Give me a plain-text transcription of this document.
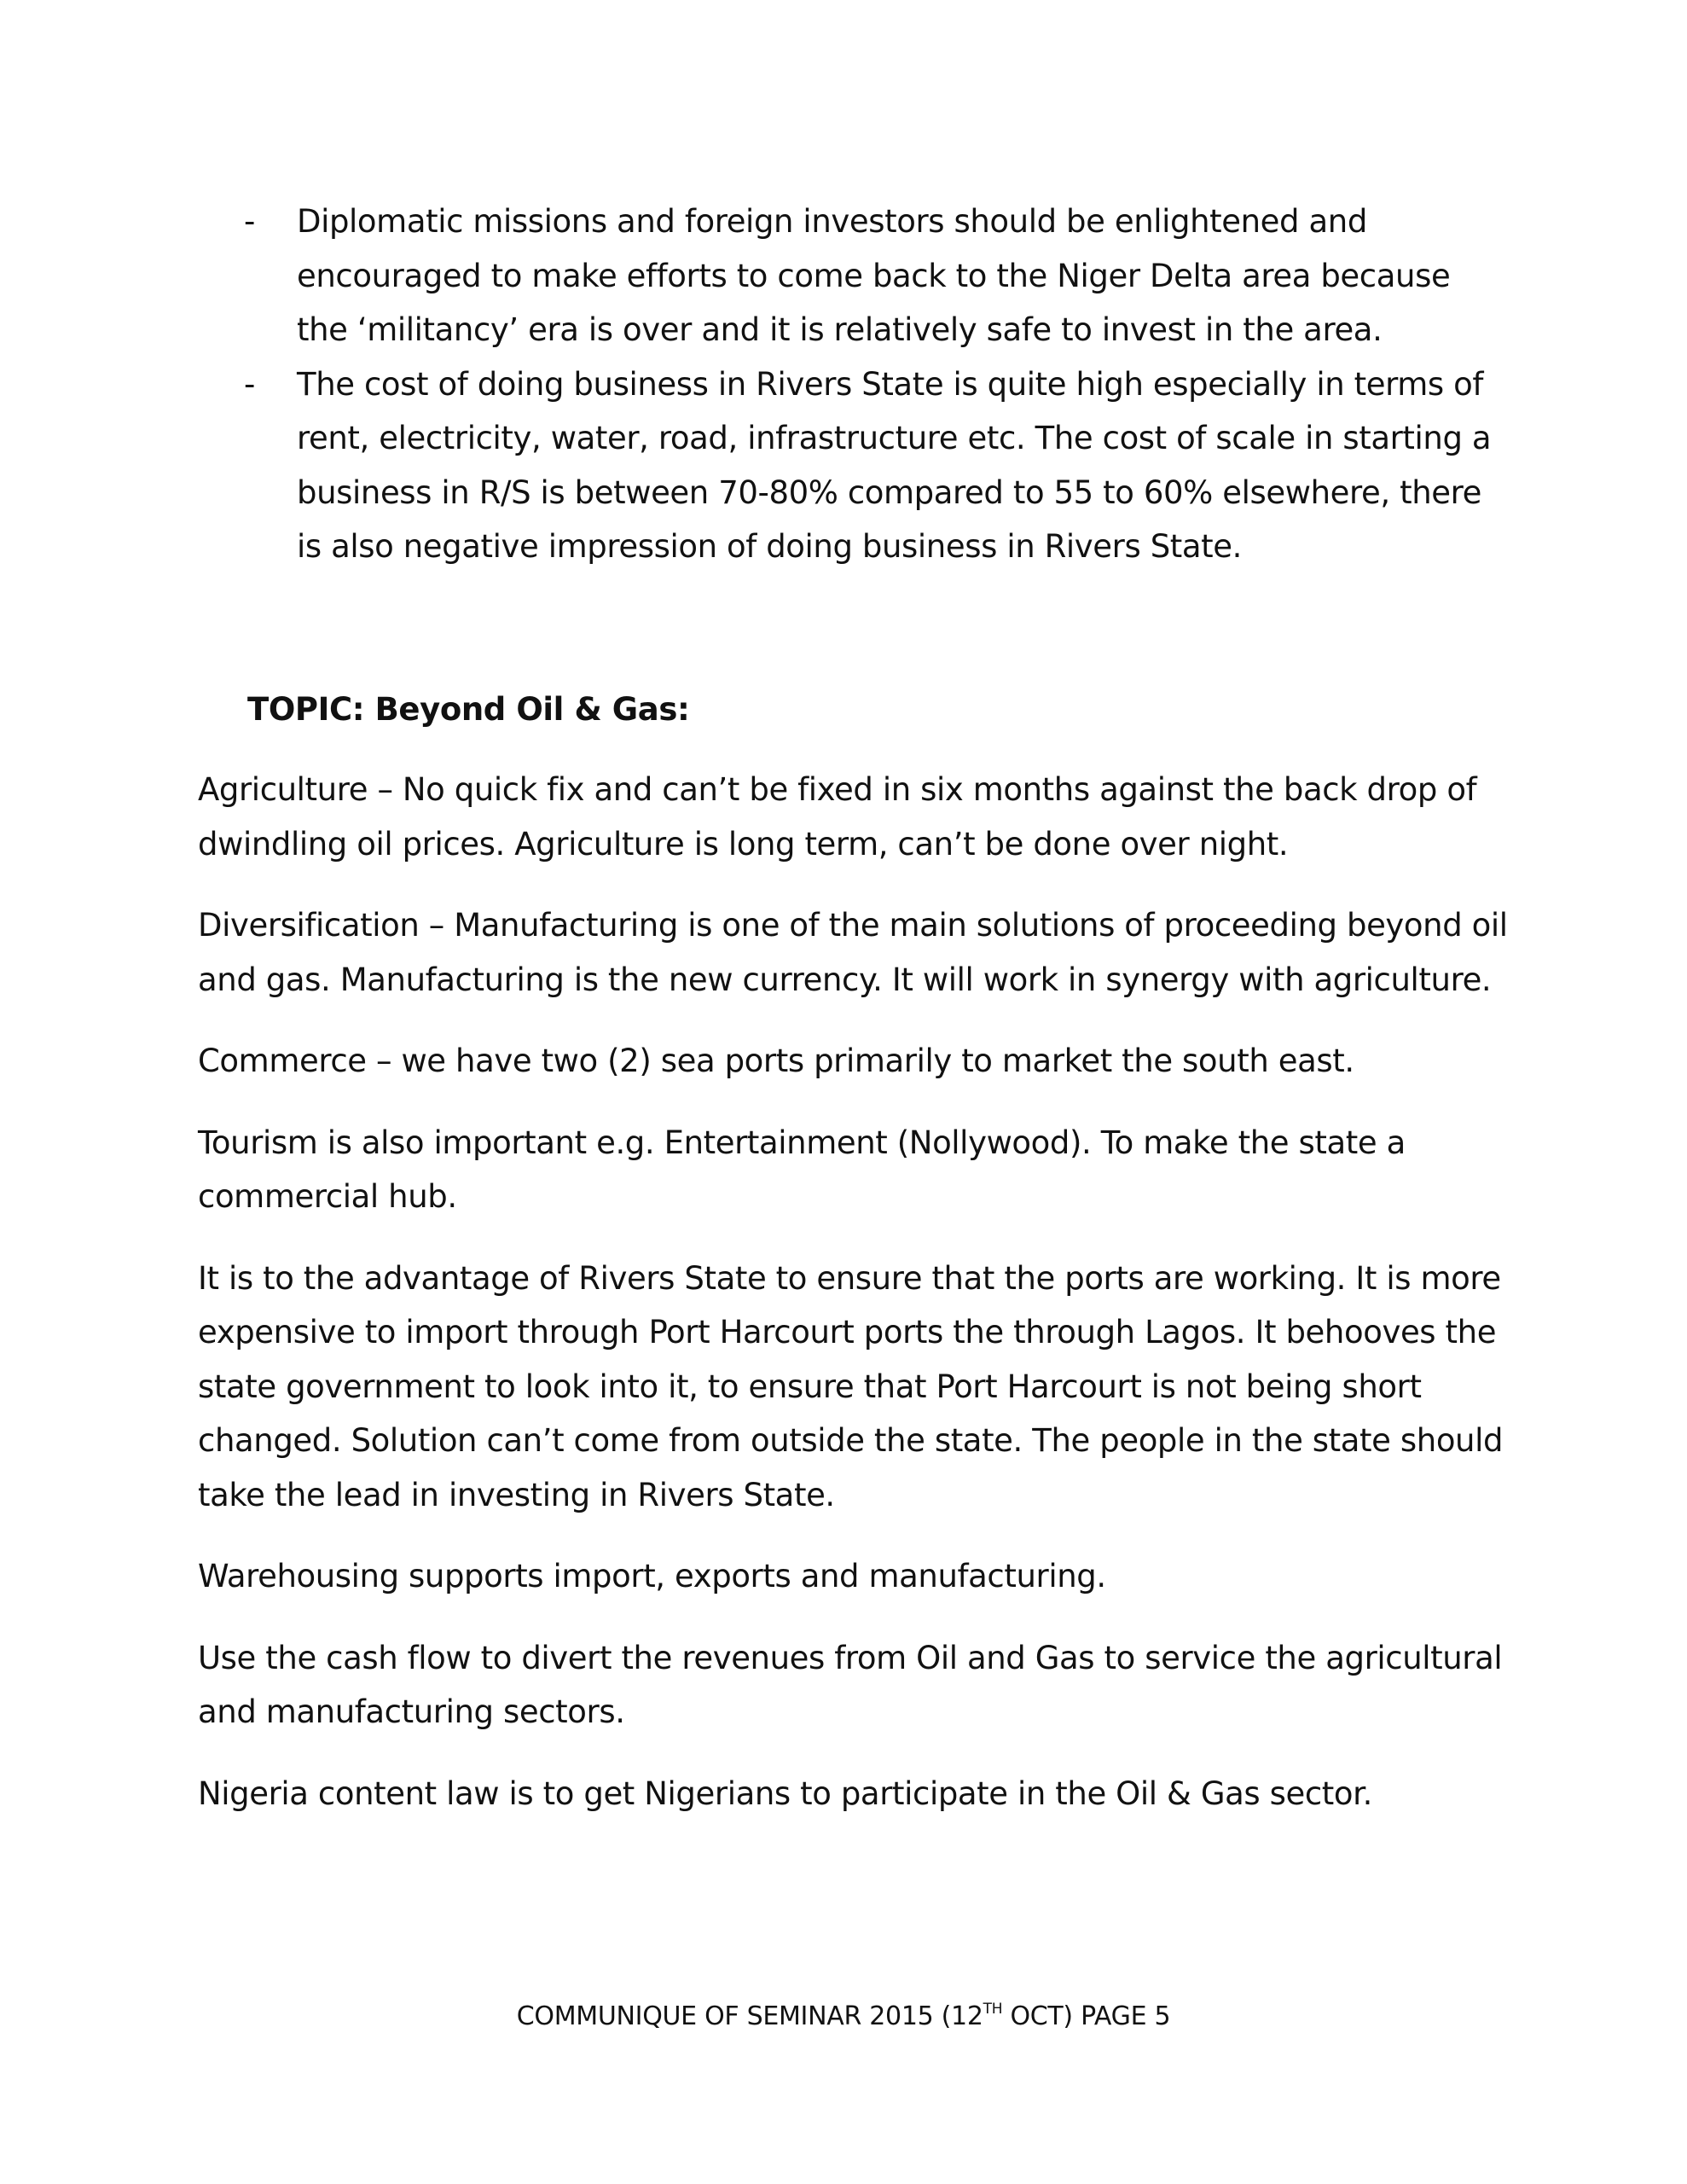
- Diplomatic missions and foreign investors should be enlightened and encouraged to make efforts to come back to the Niger Delta area because the ‘militancy’ era is over and it is relatively safe to invest in the area.
- The cost of doing business in Rivers State is quite high especially in terms of rent, electricity, water, road, infrastructure etc. The cost of scale in starting a business in R/S is between 70-80% compared to 55 to 60% elsewhere, there is also negative impression of doing business in Rivers State.
TOPIC: Beyond Oil & Gas:

Agriculture – No quick fix and can’t be fixed in six months against the back drop of dwindling oil prices. Agriculture is long term, can’t be done over night.

Diversification – Manufacturing is one of the main solutions of proceeding beyond oil and gas. Manufacturing is the new currency. It will work in synergy with agriculture.

Commerce – we have two (2) sea ports primarily to market the south east.

Tourism is also important e.g. Entertainment (Nollywood). To make the state a commercial hub.

It is to the advantage of Rivers State to ensure that the ports are working. It is more expensive to import through Port Harcourt ports the through Lagos. It behooves the state government to look into it, to ensure that Port Harcourt is not being short changed. Solution can’t come from outside the state. The people in the state should take the lead in investing in Rivers State.

Warehousing supports import, exports and manufacturing.

Use the cash flow to divert the revenues from Oil and Gas to service the agricultural and manufacturing sectors.

Nigeria content law is to get Nigerians to participate in the Oil & Gas sector.

COMMUNIQUE OF SEMINAR 2015 (12TH OCT) PAGE 5
